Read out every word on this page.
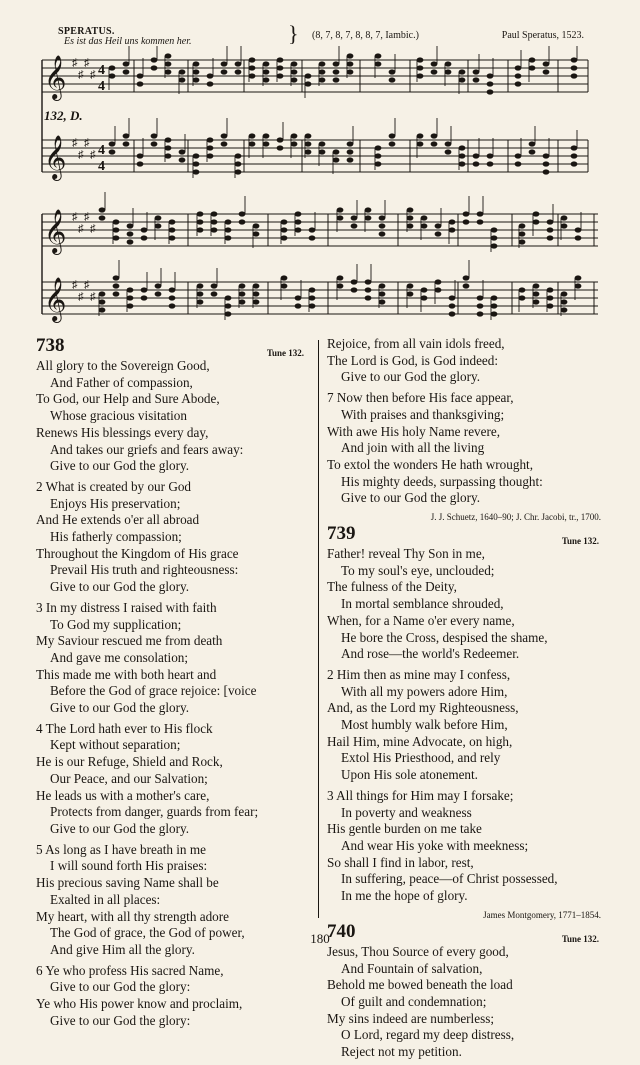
SPERATUS.
Es ist das Heil uns kommen her.	} (8, 7, 8, 7, 8, 8, 7, Iambic.)	Paul Speratus, 1523.
𝄞 ♯
♯
♯
♯ 4
4
𝄞 ♯
♯
♯
♯ 4
4
𝄞 ♯
♯
♯
♯
𝄞 ♯
♯
♯
♯
132, D.
738	Tune 132.
All glory to the Sovereign Good,
And Father of compassion,
To God, our Help and Sure Abode,
Whose gracious visitation
Renews His blessings every day,
And takes our griefs and fears away:
Give to our God the glory.
2 What is created by our God
Enjoys His preservation;
And He extends o'er all abroad
His fatherly compassion;
Throughout the Kingdom of His grace
Prevail His truth and righteousness:
Give to our God the glory.
3 In my distress I raised with faith
To God my supplication;
My Saviour rescued me from death
And gave me consolation;
This made me with both heart and
Before the God of grace rejoice: [voice
Give to our God the glory.
4 The Lord hath ever to His flock
Kept without separation;
He is our Refuge, Shield and Rock,
Our Peace, and our Salvation;
He leads us with a mother's care,
Protects from danger, guards from fear;
Give to our God the glory.
5 As long as I have breath in me
I will sound forth His praises:
His precious saving Name shall be
Exalted in all places:
My heart, with all thy strength adore
The God of grace, the God of power,
And give Him all the glory.
6 Ye who profess His sacred Name,
Give to our God the glory:
Ye who His power know and proclaim,
Give to our God the glory:
Rejoice, from all vain idols freed,
The Lord is God, is God indeed:
Give to our God the glory.
7 Now then before His face appear,
With praises and thanksgiving;
With awe His holy Name revere,
And join with all the living
To extol the wonders He hath wrought,
His mighty deeds, surpassing thought:
Give to our God the glory.
J. J. Schuetz, 1640–90; J. Chr. Jacobi, tr., 1700.
739	Tune 132.
Father! reveal Thy Son in me,
To my soul's eye, unclouded;
The fulness of the Deity,
In mortal semblance shrouded,
When, for a Name o'er every name,
He bore the Cross, despised the shame,
And rose—the world's Redeemer.
2 Him then as mine may I confess,
With all my powers adore Him,
And, as the Lord my Righteousness,
Most humbly walk before Him,
Hail Him, mine Advocate, on high,
Extol His Priesthood, and rely
Upon His sole atonement.
3 All things for Him may I forsake;
In poverty and weakness
His gentle burden on me take
And wear His yoke with meekness;
So shall I find in labor, rest,
In suffering, peace—of Christ possessed,
In me the hope of glory.
James Montgomery, 1771–1854.
740	Tune 132.
Jesus, Thou Source of every good,
And Fountain of salvation,
Behold me bowed beneath the load
Of guilt and condemnation;
My sins indeed are numberless;
O Lord, regard my deep distress,
Reject not my petition.
180
